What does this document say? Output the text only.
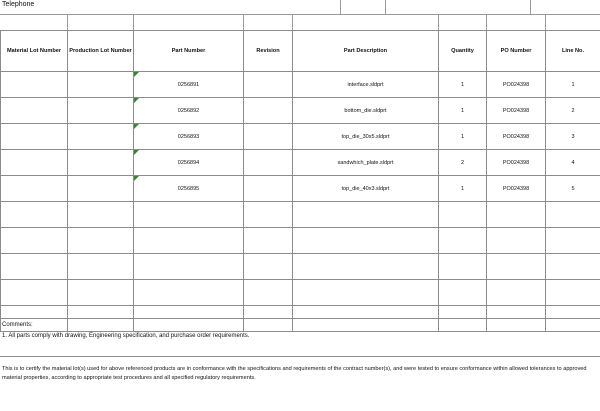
Telephone
Material Lot Number	Production Lot Number	Part Number	Revision	Part Description	Quantity	PO Number	Line No.
		0256891		interface.sldprt	1	PO024398	1
		0256892		bottom_die.sldprt	1	PO024398	2
		0256893		top_die_30x5.sldprt	1	PO024398	3
		0256894		sandwhich_plate.sldprt	2	PO024398	4
		0256895		top_die_40x3.sldprt	1	PO024398	5

Comments:
1. All parts comply with drawing, Engineering specification, and purchase order requirements.

This is to certify the material lot(s) used for above referenced products are in conformance with the specifications and requirements of the contract number(s), and were tested to ensure conformance within allowed tolerances to approved material properties, according to appropriate test procedures and all specified regulatory requirements.
